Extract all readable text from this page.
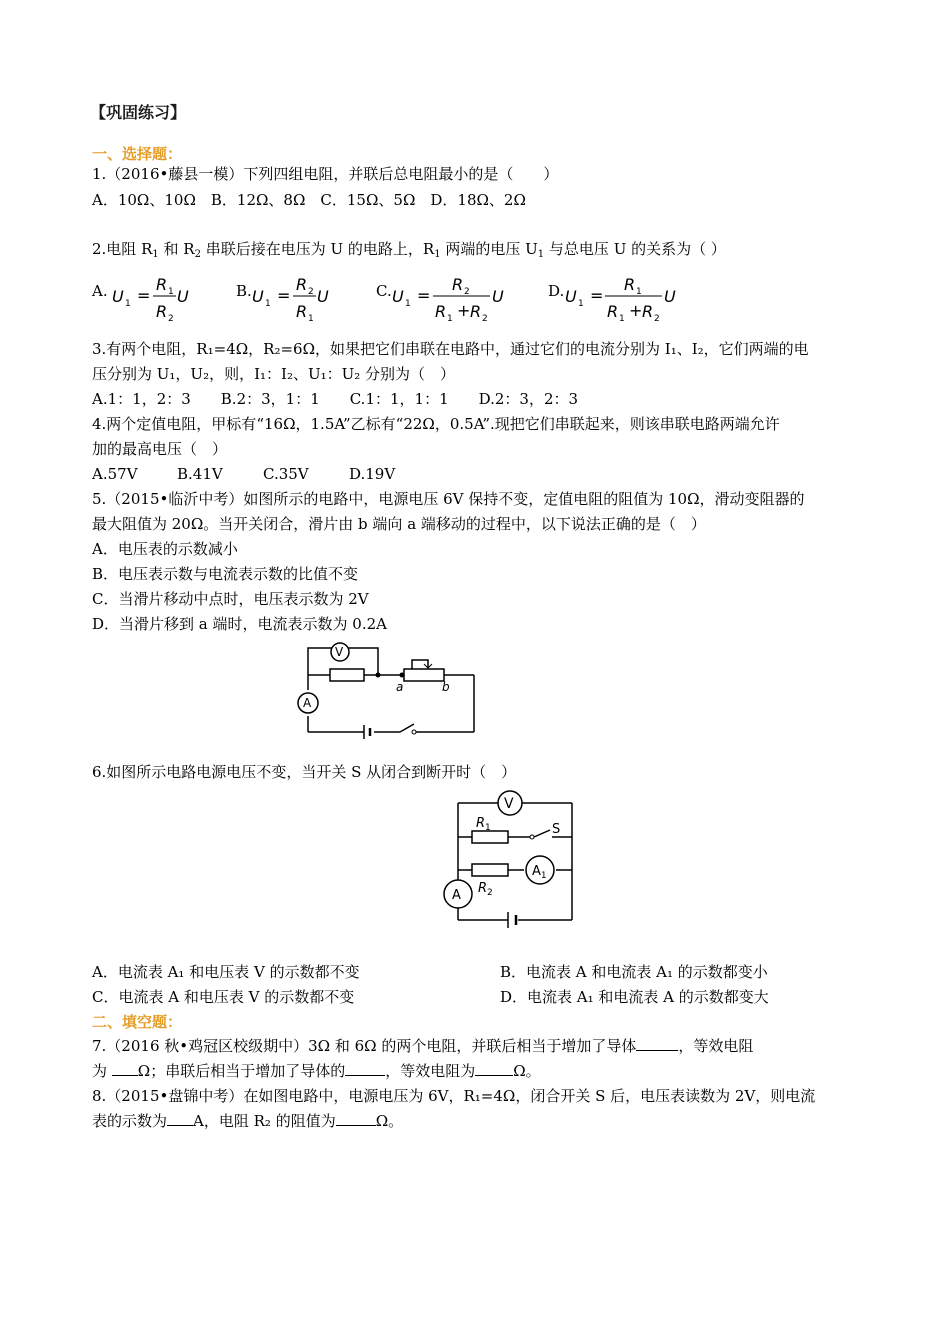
【巩固练习】
一、选择题：
1.（2016•藤县一模）下列四组电阻，并联后总电阻最小的是（　　）
A．10Ω、10Ω　B．12Ω、8Ω　C．15Ω、5Ω　D．18Ω、2Ω
2.电阻 $R_1$ 和 $R_2$ 串联后接在电压为 U 的电路上，$R_1$ 两端的电压 $U_1$ 与总电压 U 的关系为（ ）
A.	B.	C.	D.
U 1 =
R 1
R 2
U	U 1 =
R 2
R 1
U	U 1 =
R 2
R 1 + R 2
U	U 1 =
R 1
R 1 + R 2
U
3.有两个电阻，R₁=4Ω，R₂=6Ω，如果把它们串联在电路中，通过它们的电流分别为 I₁、I₂，它们两端的电
压分别为 U₁，U₂，则，I₁：I₂、U₁：U₂ 分别为（　）
A.1：1，2：3　　B.2：3，1：1　　C.1：1，1：1　　D.2：3，2：3
4.两个定值电阻，甲标有“16Ω，1.5A”乙标有“22Ω，0.5A”.现把它们串联起来，则该串联电路两端允许
加的最高电压（　）
A.57V	B.41V	C.35V	D.19V
5.（2015•临沂中考）如图所示的电路中，电源电压 6V 保持不变，定值电阻的阻值为 10Ω，滑动变阻器的
最大阻值为 20Ω。当开关闭合，滑片由 b 端向 a 端移动的过程中，以下说法正确的是（　）
A．电压表的示数减小
B．电压表示数与电流表示数的比值不变
C．当滑片移动中点时，电压表示数为 2V
D．当滑片移到 a 端时，电流表示数为 0.2A
V
A
a	b
6.如图所示电路电源电压不变，当开关 S 从闭合到断开时（　）
V
$R_1$	S
$R_2$
$A_1$
A
A．电流表 A₁ 和电压表 V 的示数都不变	B．电流表 A 和电流表 A₁ 的示数都变小
C．电流表 A 和电压表 V 的示数都不变	D．电流表 A₁ 和电流表 A 的示数都变大
二、填空题：
7.（2016 秋•鸡冠区校级期中）3Ω 和 6Ω 的两个电阻，并联后相当于增加了导体	，等效电阻
为 Ω；串联后相当于增加了导体的	，等效电阻为	Ω。
8.（2015•盘锦中考）在如图电路中，电源电压为 6V，R₁=4Ω，闭合开关 S 后，电压表读数为 2V，则电流
表的示数为 A，电阻 R₂ 的阻值为	Ω。
